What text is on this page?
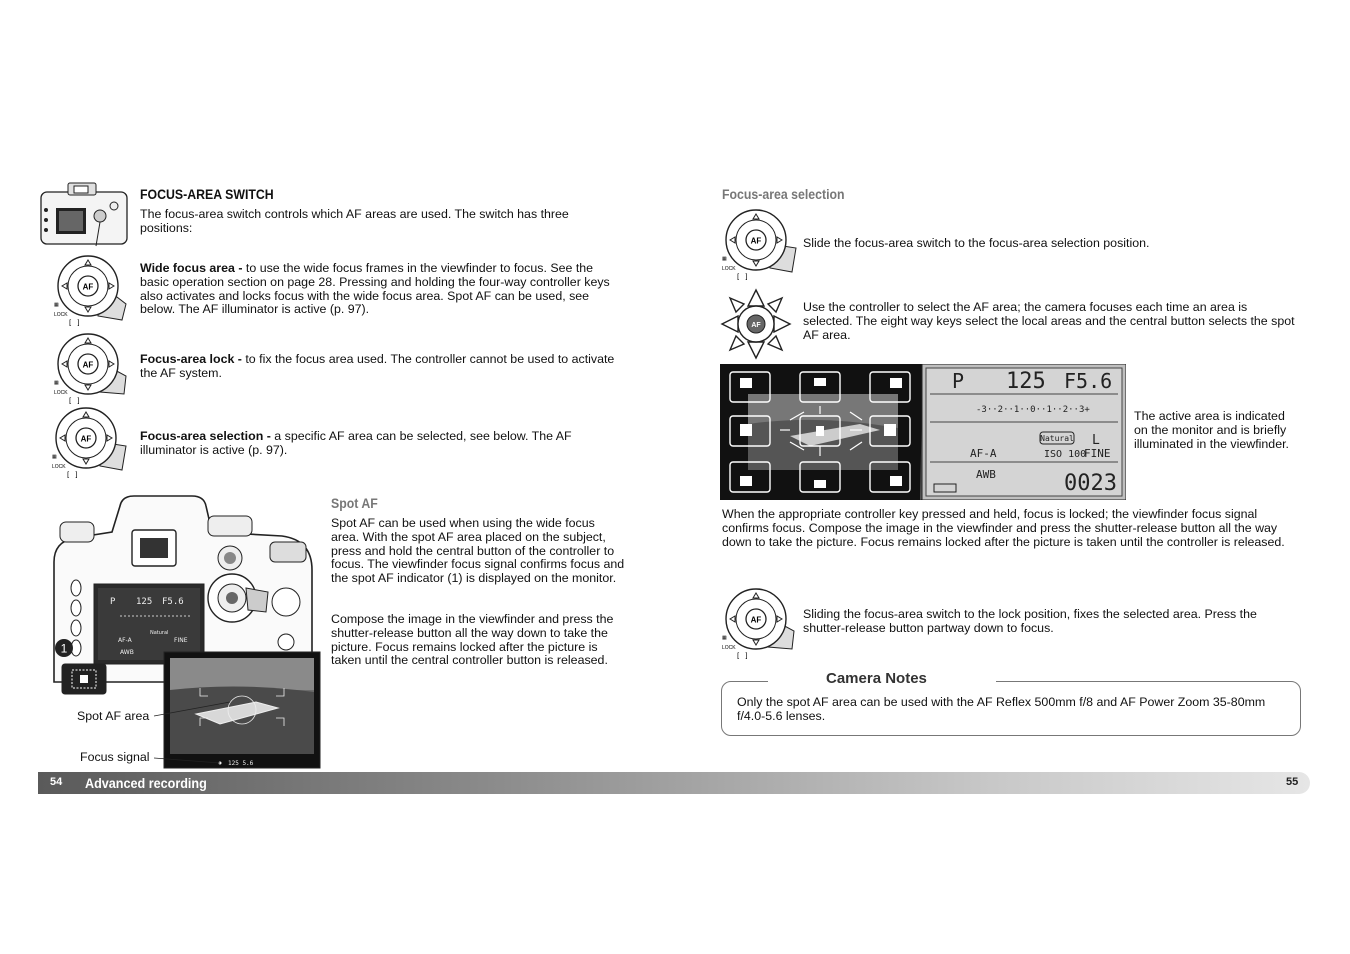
AF
▦
LOCK
[ ]
AF
▦
LOCK
[ ]
AF
▦
LOCK
[ ]
FOCUS-AREA SWITCH
The focus-area switch controls which AF areas are used. The switch has three positions:
Wide focus area - to use the wide focus frames in the viewfinder to focus. See the basic operation section on page 28. Pressing and holding the four-way controller keys also activates and locks focus with the wide focus area. Spot AF can be used, see below. The AF illuminator is active (p. 97).
Focus-area lock - to fix the focus area used. The controller cannot be used to activate the AF system.
Focus-area selection - a specific AF area can be selected, see below. The AF illuminator is active (p. 97).
P 125 F5.6
AF-A
Natural
FINE
AWB
1
125 5.6
Spot AF area
Focus signal
Spot AF
Spot AF can be used when using the wide focus area. With the spot AF area placed on the subject, press and hold the central button of the controller to focus. The viewfinder focus signal confirms focus and the spot AF indicator (1) is displayed on the monitor.
Compose the image in the viewfinder and press the shutter-release button all the way down to take the picture. Focus remains locked after the picture is taken until the central controller button is released.
Focus-area selection
AF
▦
LOCK
[ ]
Slide the focus-area switch to the focus-area selection position.
AF
Use the controller to select the AF area; the camera focuses each time an area is selected. The eight way keys select the local areas and the central button selects the spot AF area.
P 125 F5.6
-3··2··1··0··1··2··3+
AF-A
Natural
ISO 100
L
FINE
AWB	0023
The active area is indicated on the monitor and is briefly illuminated in the viewfinder.
When the appropriate controller key pressed and held, focus is locked; the viewfinder focus signal confirms focus. Compose the image in the viewfinder and press the shutter-release button all the way down to take the picture. Focus remains locked after the picture is taken until the controller is released.
AF
▦
LOCK
[ ]
Sliding the focus-area switch to the lock position, fixes the selected area. Press the shutter-release button partway down to focus.
Camera Notes
Only the spot AF area can be used with the AF Reflex 500mm f/8 and AF Power Zoom 35-80mm f/4.0-5.6 lenses.
54 Advanced recording	55
